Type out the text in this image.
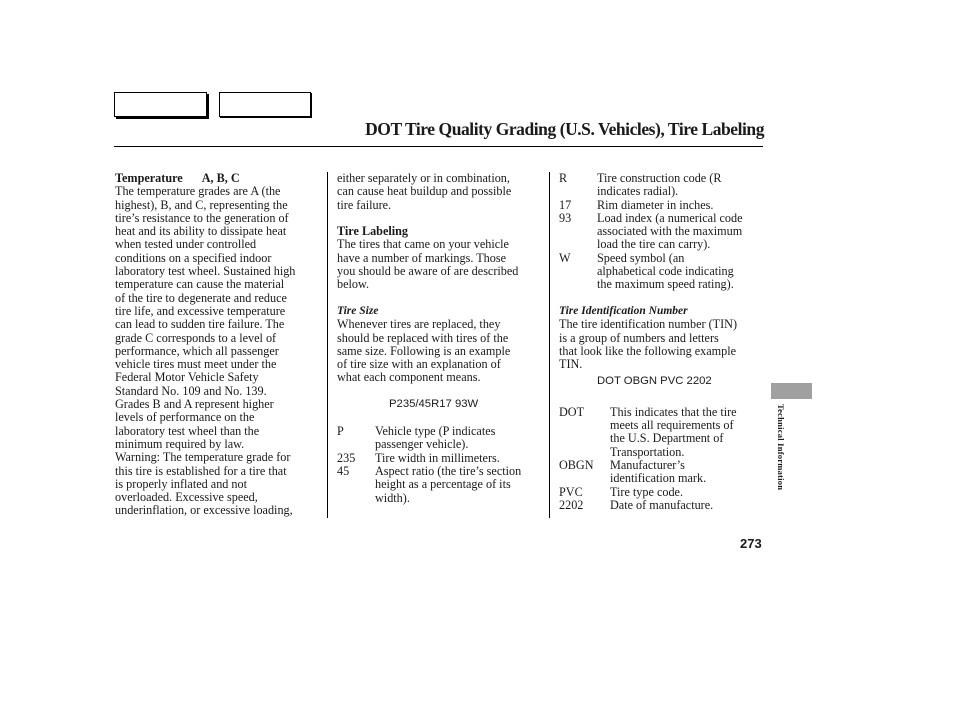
DOT Tire Quality Grading (U.S. Vehicles), Tire Labeling

Temperature A, B, C

The temperature grades are A (the

highest), B, and C, representing the

tire’s resistance to the generation of

heat and its ability to dissipate heat

when tested under controlled

conditions on a specified indoor

laboratory test wheel. Sustained high

temperature can cause the material

of the tire to degenerate and reduce

tire life, and excessive temperature

can lead to sudden tire failure. The

grade C corresponds to a level of

performance, which all passenger

vehicle tires must meet under the

Federal Motor Vehicle Safety

Standard No. 109 and No. 139.

Grades B and A represent higher

levels of performance on the

laboratory test wheel than the

minimum required by law.

Warning: The temperature grade for

this tire is established for a tire that

is properly inflated and not

overloaded. Excessive speed,

underinflation, or excessive loading,

either separately or in combination,

can cause heat buildup and possible

tire failure.

Tire Labeling

The tires that came on your vehicle

have a number of markings. Those

you should be aware of are described

below.

Tire Size

Whenever tires are replaced, they

should be replaced with tires of the

same size. Following is an example

of tire size with an explanation of

what each component means.

P235/45R17 93W

P	Vehicle type (P indicates
passenger vehicle).
235	Tire width in millimeters.
45	Aspect ratio (the tire’s section
height as a percentage of its
width).
R	Tire construction code (R
indicates radial).
17	Rim diameter in inches.
93	Load index (a numerical code
associated with the maximum
load the tire can carry).
W	Speed symbol (an
alphabetical code indicating
the maximum speed rating).

Tire Identification Number

The tire identification number (TIN)

is a group of numbers and letters

that look like the following example

TIN.

DOT OBGN PVC 2202

DOT	This indicates that the tire
meets all requirements of
the U.S. Department of
Transportation.
OBGN	Manufacturer’s
identification mark.
PVC	Tire type code.
2202	Date of manufacture.
Technical Information
273
